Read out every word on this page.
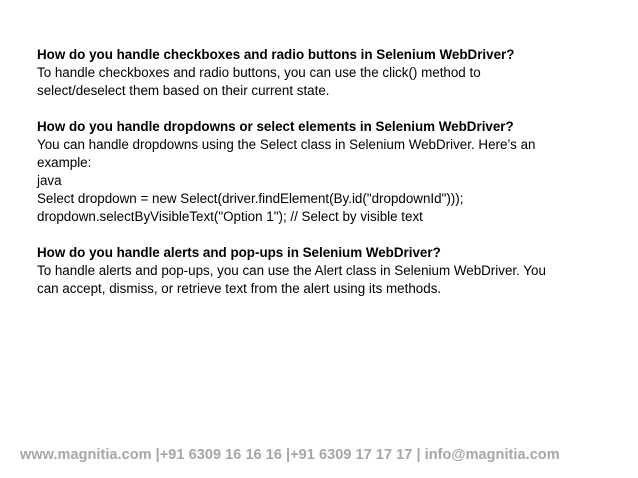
How do you handle checkboxes and radio buttons in Selenium WebDriver?
To handle checkboxes and radio buttons, you can use the click() method to
select/deselect them based on their current state.
How do you handle dropdowns or select elements in Selenium WebDriver?
You can handle dropdowns using the Select class in Selenium WebDriver. Here’s an
example:
java
Select dropdown = new Select(driver.findElement(By.id("dropdownId")));
dropdown.selectByVisibleText("Option 1"); // Select by visible text
How do you handle alerts and pop-ups in Selenium WebDriver?
To handle alerts and pop-ups, you can use the Alert class in Selenium WebDriver. You
can accept, dismiss, or retrieve text from the alert using its methods.
www.magnitia.com |+91 6309 16 16 16 |+91 6309 17 17 17 | info@magnitia.com
